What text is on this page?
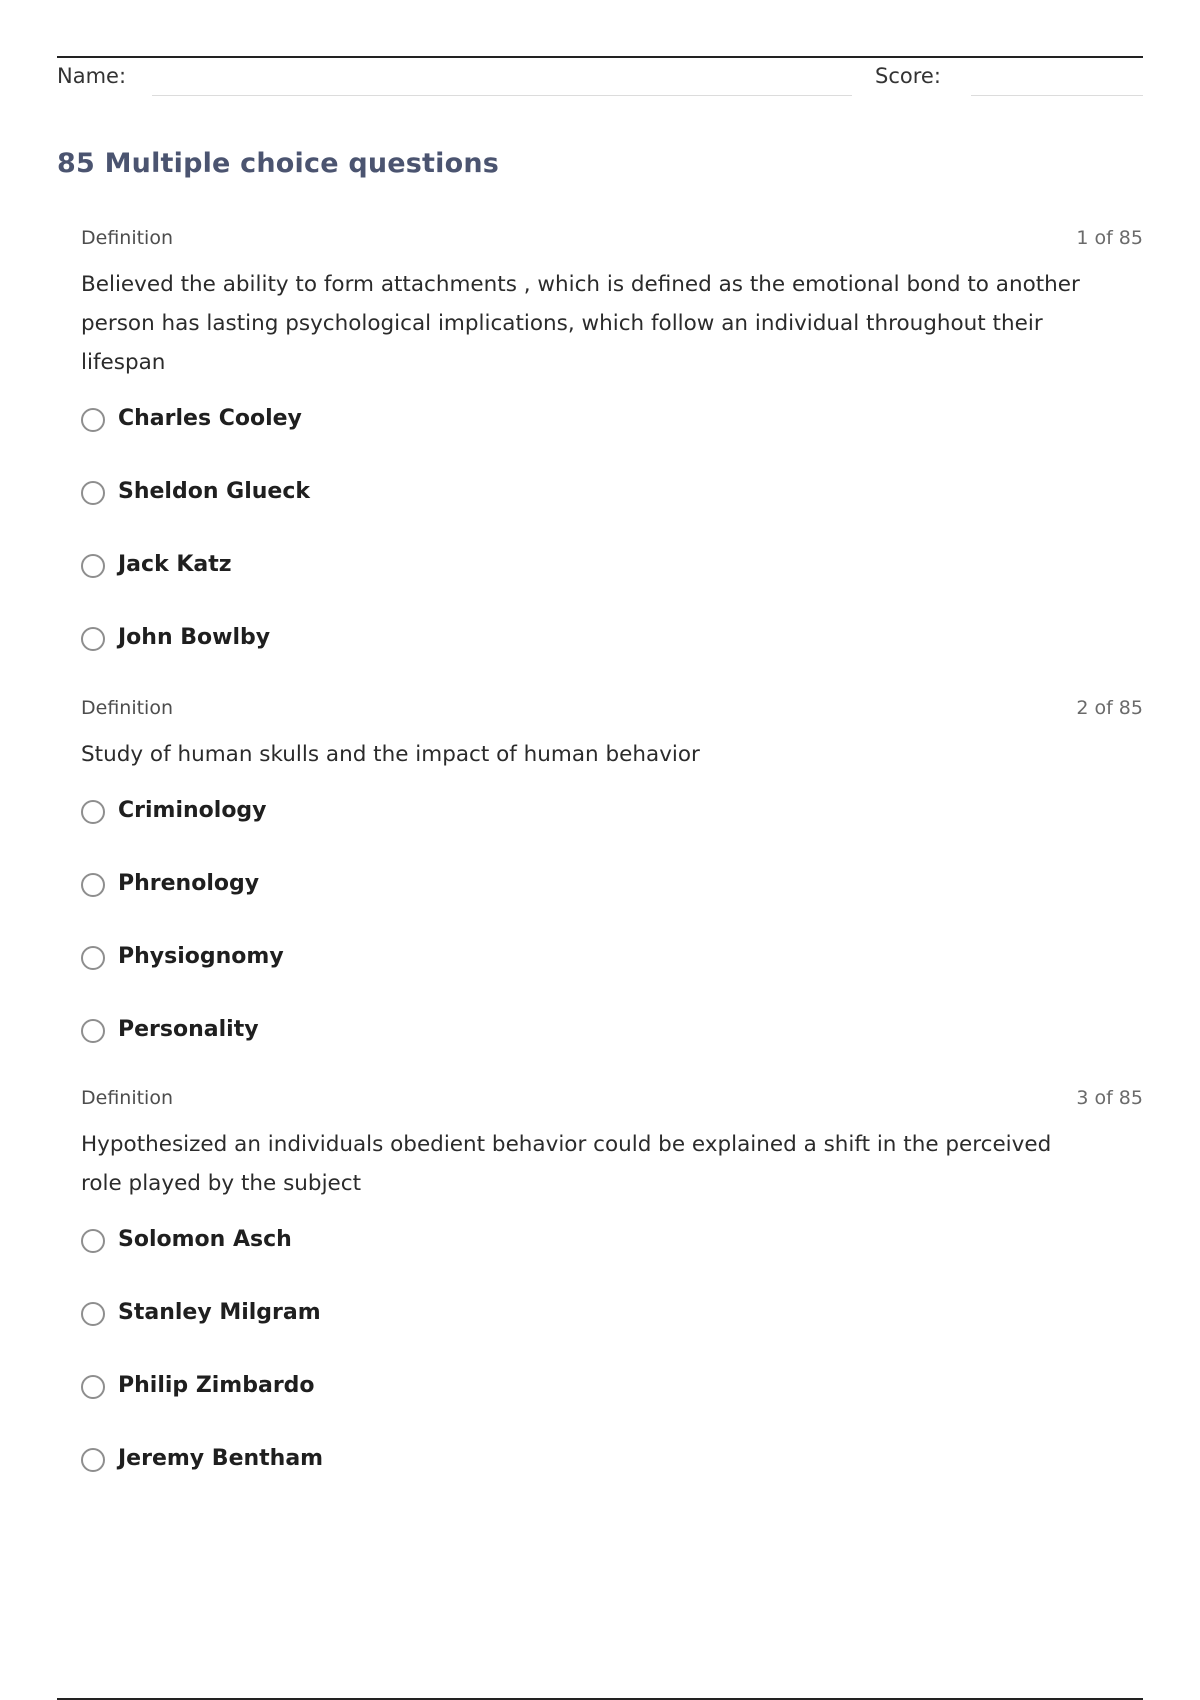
Name:	Score:
85 Multiple choice questions
Definition	1 of 85

Believed the ability to form attachments , which is defined as the emotional bond to another person has lasting psychological implications, which follow an individual throughout their lifespan

Charles Cooley
Sheldon Glueck
Jack Katz
John Bowlby
Definition	2 of 85

Study of human skulls and the impact of human behavior

Criminology
Phrenology
Physiognomy
Personality
Definition	3 of 85

Hypothesized an individuals obedient behavior could be explained a shift in the perceived role played by the subject

Solomon Asch
Stanley Milgram
Philip Zimbardo
Jeremy Bentham
